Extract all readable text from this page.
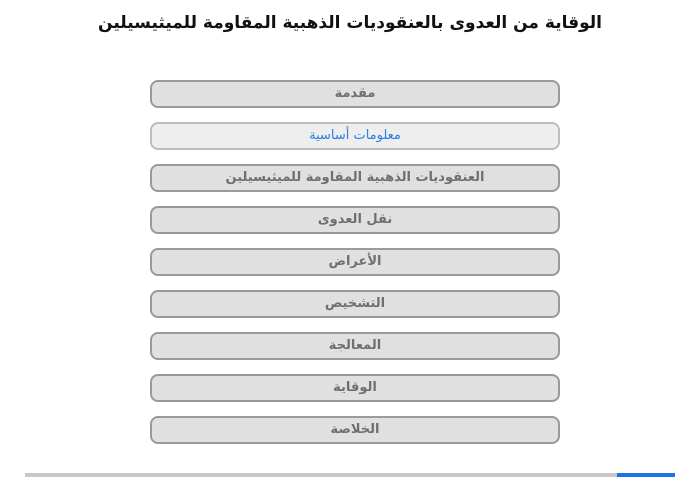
الوقاية من العدوى بالعنقوديات الذهبية المقاومة للميثيسيلين
مقدمة
معلومات أساسية
العنقوديات الذهبية المقاومة للميثيسيلين
نقل العدوى
الأعراض
التشخيص
المعالجة
الوقاية
الخلاصة
